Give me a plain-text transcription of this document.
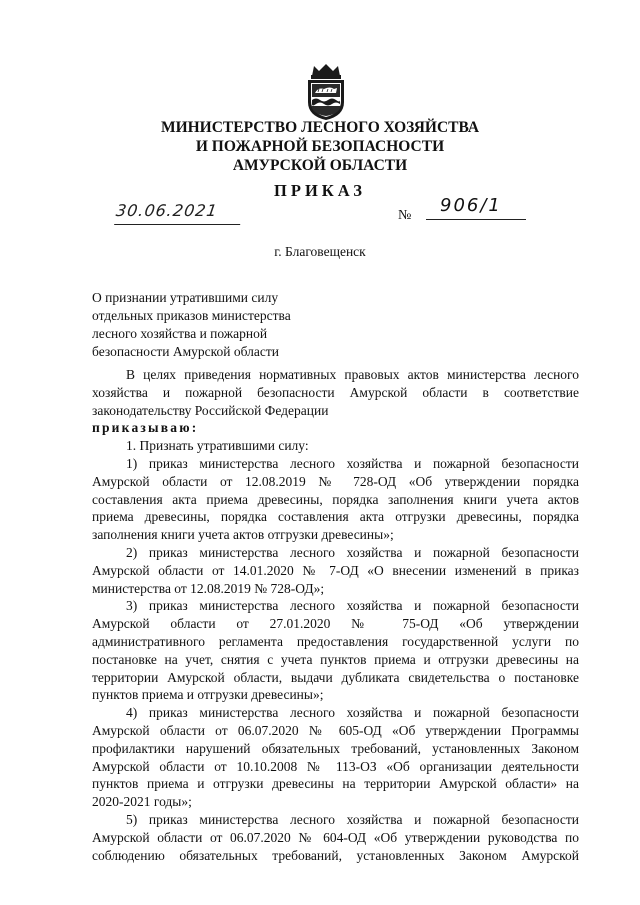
МИНИСТЕРСТВО ЛЕСНОГО ХОЗЯЙСТВА
И ПОЖАРНОЙ БЕЗОПАСНОСТИ
АМУРСКОЙ ОБЛАСТИ
ПРИКАЗ
30.06.2021	№	906/1
г. Благовещенск
О признании утратившими силу
отдельных приказов министерства
лесного хозяйства и пожарной
безопасности Амурской области

В целях приведения нормативных правовых актов министерства лесного

хозяйства и пожарной безопасности Амурской области в соответствие

законодательству Российской Федерации

приказываю:

1. Признать утратившими силу:

1) приказ министерства лесного хозяйства и пожарной безопасности

Амурской области от 12.08.2019 № 728-ОД «Об утверждении порядка

составления акта приема древесины, порядка заполнения книги учета актов

приема древесины, порядка составления акта отгрузки древесины, порядка

заполнения книги учета актов отгрузки древесины»;

2) приказ министерства лесного хозяйства и пожарной безопасности

Амурской области от 14.01.2020 № 7-ОД «О внесении изменений в приказ

министерства от 12.08.2019 № 728-ОД»;

3) приказ министерства лесного хозяйства и пожарной безопасности

Амурской области от 27.01.2020 № 75-ОД «Об утверждении

административного регламента предоставления государственной услуги по

постановке на учет, снятия с учета пунктов приема и отгрузки древесины на

территории Амурской области, выдачи дубликата свидетельства о постановке

пунктов приема и отгрузки древесины»;

4) приказ министерства лесного хозяйства и пожарной безопасности

Амурской области от 06.07.2020 № 605-ОД «Об утверждении Программы

профилактики нарушений обязательных требований, установленных Законом

Амурской области от 10.10.2008 № 113-ОЗ «Об организации деятельности

пунктов приема и отгрузки древесины на территории Амурской области» на

2020-2021 годы»;

5) приказ министерства лесного хозяйства и пожарной безопасности

Амурской области от 06.07.2020 № 604-ОД «Об утверждении руководства по

соблюдению обязательных требований, установленных Законом Амурской
